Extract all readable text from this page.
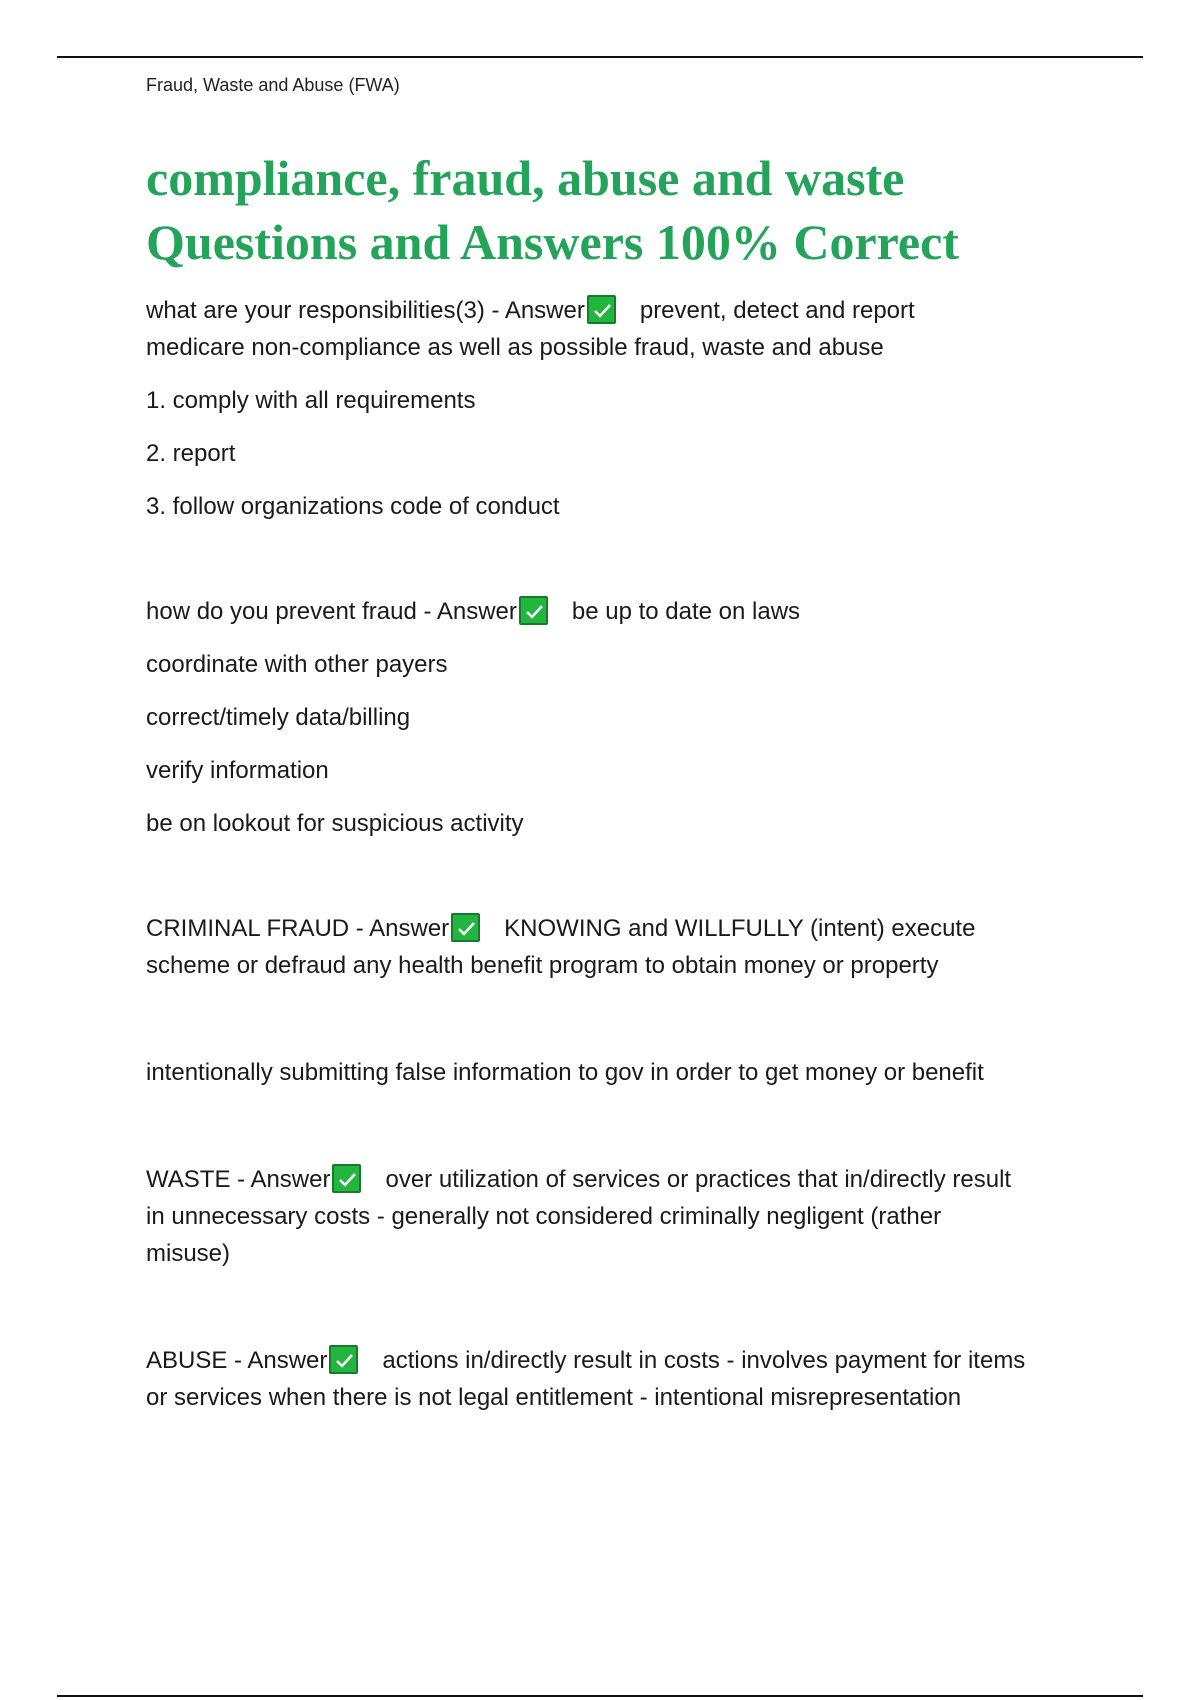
Fraud, Waste and Abuse (FWA)
compliance, fraud, abuse and waste
Questions and Answers 100% Correct

what are your responsibilities(3) - Answer prevent, detect and report

medicare non-compliance as well as possible fraud, waste and abuse

1. comply with all requirements

2. report

3. follow organizations code of conduct

how do you prevent fraud - Answer be up to date on laws

coordinate with other payers

correct/timely data/billing

verify information

be on lookout for suspicious activity

CRIMINAL FRAUD - Answer KNOWING and WILLFULLY (intent) execute

scheme or defraud any health benefit program to obtain money or property

intentionally submitting false information to gov in order to get money or benefit

WASTE - Answer over utilization of services or practices that in/directly result

in unnecessary costs - generally not considered criminally negligent (rather

misuse)

ABUSE - Answer actions in/directly result in costs - involves payment for items

or services when there is not legal entitlement - intentional misrepresentation
